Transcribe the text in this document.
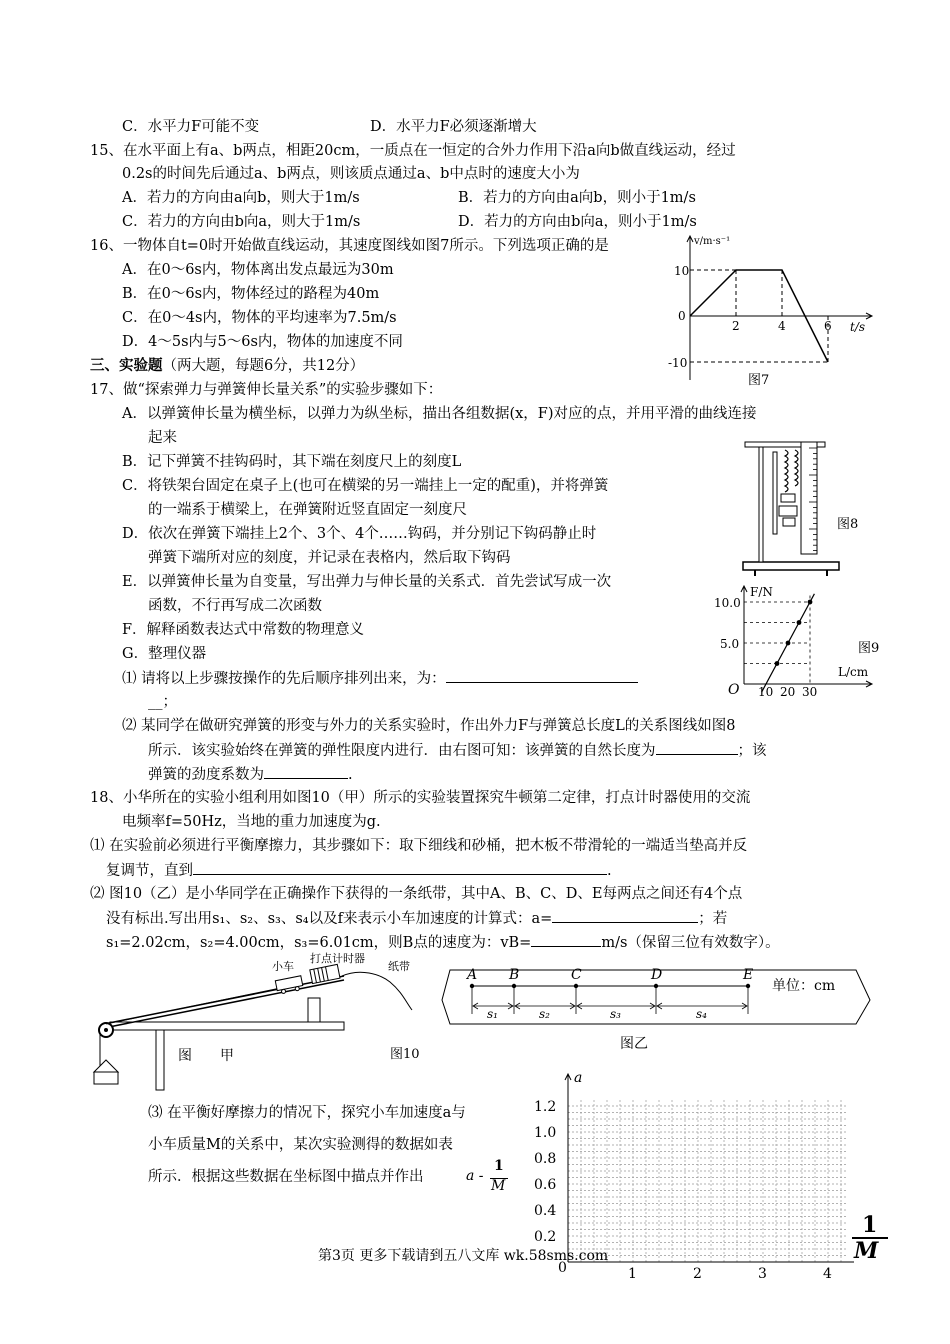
C．水平力F可能不变	D．水平力F必须逐渐增大
15、在水平面上有a、b两点，相距20cm，一质点在一恒定的合外力作用下沿a向b做直线运动，经过
0.2s的时间先后通过a、b两点，则该质点通过a、b中点时的速度大小为
A．若力的方向由a向b，则大于1m/s	B．若力的方向由a向b，则小于1m/s
C．若力的方向由b向a，则大于1m/s	D．若力的方向由b向a，则小于1m/s
16、一物体自t=0时开始做直线运动，其速度图线如图7所示。下列选项正确的是
A．在0～6s内，物体离出发点最远为30m
B．在0～6s内，物体经过的路程为40m
C．在0～4s内，物体的平均速率为7.5m/s
D．4～5s内与5～6s内，物体的加速度不同
v/m·s⁻¹
t/s
0
10
-10
2	4	6
图7
三、实验题（两大题，每题6分，共12分）
17、做“探索弹力与弹簧伸长量关系”的实验步骤如下：
A．以弹簧伸长量为横坐标，以弹力为纵坐标，描出各组数据(x，F)对应的点，并用平滑的曲线连接
起来
B．记下弹簧不挂钩码时，其下端在刻度尺上的刻度L
C．将铁架台固定在桌子上(也可在横梁的另一端挂上一定的配重)，并将弹簧
的一端系于横梁上，在弹簧附近竖直固定一刻度尺
D．依次在弹簧下端挂上2个、3个、4个……钩码，并分别记下钩码静止时
弹簧下端所对应的刻度，并记录在表格内，然后取下钩码
E．以弹簧伸长量为自变量，写出弹力与伸长量的关系式．首先尝试写成一次
函数，不行再写成二次函数
F．解释函数表达式中常数的物理意义
G．整理仪器
⑴ 请将以上步骤按操作的先后顺序排列出来，为：
__；
⑵ 某同学在做研究弹簧的形变与外力的关系实验时，作出外力F与弹簧总长度L的关系图线如图8
所示．该实验始终在弹簧的弹性限度内进行．由右图可知：该弹簧的自然长度为	；该
弹簧的劲度系数为	.
图8
F/N
L/cm
O
10.0
5.0
10 20 30
图9
18、小华所在的实验小组利用如图10（甲）所示的实验装置探究牛顿第二定律，打点计时器使用的交流
电频率f=50Hz，当地的重力加速度为g.
⑴ 在实验前必须进行平衡摩擦力，其步骤如下：取下细线和砂桶，把木板不带滑轮的一端适当垫高并反
复调节，直到	.
⑵ 图10（乙）是小华同学在正确操作下获得的一条纸带，其中A、B、C、D、E每两点之间还有4个点
没有标出.写出用s₁、s₂、s₃、s₄以及f来表示小车加速度的计算式：a=	；若
s₁=2.02cm，s₂=4.00cm，s₃=6.01cm，则B点的速度为：vB=	m/s（保留三位有效数字）。
小车
打点计时器
纸带
图　　甲	图10
A B	C	D	E
s₁	s₂	s₃	s₄
单位：cm
图乙
⑶ 在平衡好摩擦力的情况下，探究小车加速度a与
小车质量M的关系中，某次实验测得的数据如表
所示．根据这些数据在坐标图中描点并作出	a -
1
M
a
1.2
1.0
0.8
0.6
0.4
0.2
0	1	2	3	4
1
M
第3页 更多下载请到五八文库 wk.58sms.com
